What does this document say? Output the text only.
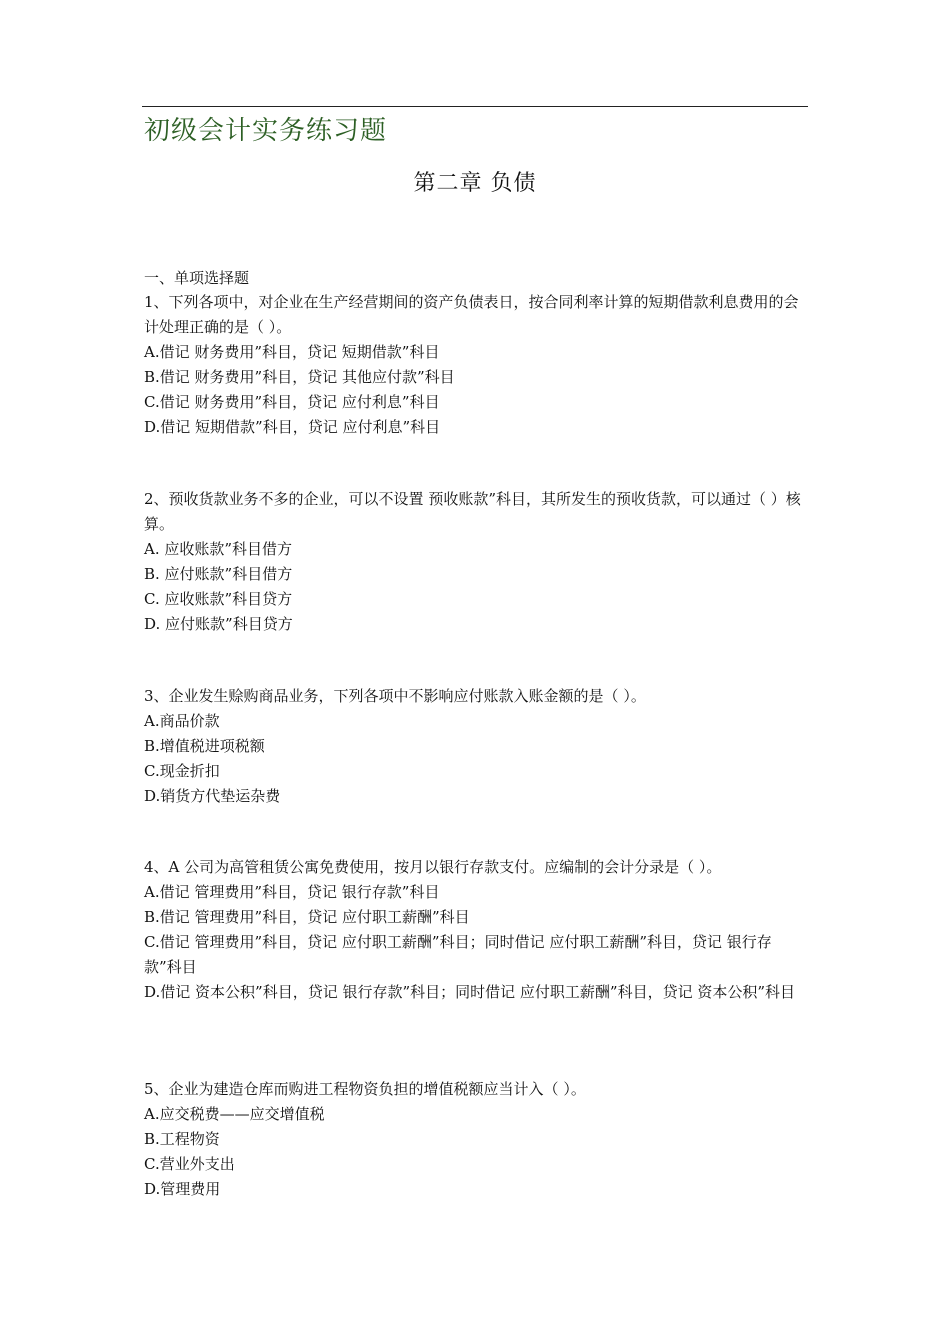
初级会计实务练习题
第二章 负债
一、单项选择题

1、下列各项中，对企业在生产经营期间的资产负债表日，按合同利率计算的短期借款利息费用的会计处理正确的是（ ）。

A.借记 财务费用”科目，贷记 短期借款”科目

B.借记 财务费用”科目，贷记 其他应付款”科目

C.借记 财务费用”科目，贷记 应付利息”科目

D.借记 短期借款”科目，贷记 应付利息”科目

2、预收货款业务不多的企业，可以不设置 预收账款”科目，其所发生的预收货款，可以通过（ ）核算。

A. 应收账款”科目借方

B. 应付账款”科目借方

C. 应收账款”科目贷方

D. 应付账款”科目贷方

3、企业发生赊购商品业务，下列各项中不影响应付账款入账金额的是（ ）。

A.商品价款

B.增值税进项税额

C.现金折扣

D.销货方代垫运杂费

4、A 公司为高管租赁公寓免费使用，按月以银行存款支付。应编制的会计分录是（ ）。

A.借记 管理费用”科目，贷记 银行存款”科目

B.借记 管理费用”科目，贷记 应付职工薪酬”科目

C.借记 管理费用”科目，贷记 应付职工薪酬”科目；同时借记 应付职工薪酬”科目，贷记 银行存款”科目

D.借记 资本公积”科目，贷记 银行存款”科目；同时借记 应付职工薪酬”科目，贷记 资本公积”科目

5、企业为建造仓库而购进工程物资负担的增值税额应当计入（ ）。

A.应交税费——应交增值税

B.工程物资

C.营业外支出

D.管理费用
